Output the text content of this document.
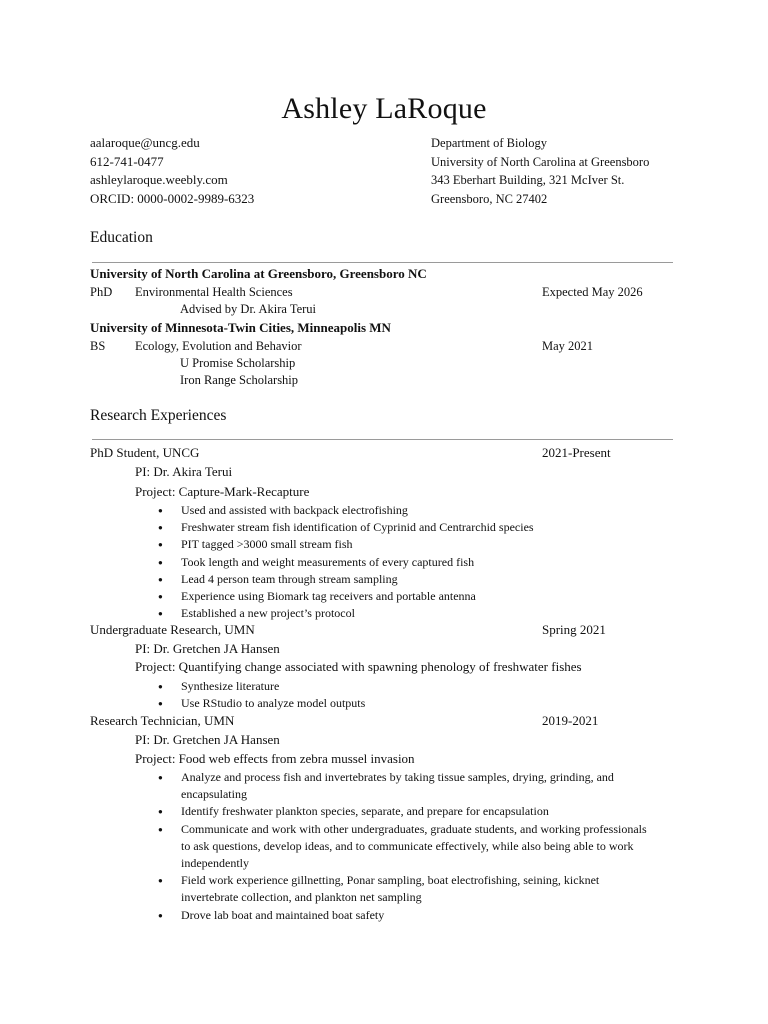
Ashley LaRoque
aalaroque@uncg.edu
612-741-0477
ashleylaroque.weebly.com
ORCID: 0000-0002-9989-6323
Department of Biology
University of North Carolina at Greensboro
343 Eberhart Building, 321 McIver St.
Greensboro, NC 27402
Education
University of North Carolina at Greensboro, Greensboro NC
PhD Environmental Health Sciences	Expected May 2026
Advised by Dr. Akira Terui
University of Minnesota-Twin Cities, Minneapolis MN
BS Ecology, Evolution and Behavior	May 2021
U Promise Scholarship
Iron Range Scholarship
Research Experiences
PhD Student, UNCG	2021-Present
PI: Dr. Akira Terui
Project: Capture-Mark-Recapture
● Used and assisted with backpack electrofishing
● Freshwater stream fish identification of Cyprinid and Centrarchid species
● PIT tagged >3000 small stream fish
● Took length and weight measurements of every captured fish
● Lead 4 person team through stream sampling
● Experience using Biomark tag receivers and portable antenna
● Established a new project’s protocol
Undergraduate Research, UMN	Spring 2021
PI: Dr. Gretchen JA Hansen
Project: Quantifying change associated with spawning phenology of freshwater fishes
● Synthesize literature
● Use RStudio to analyze model outputs
Research Technician, UMN	2019-2021
PI: Dr. Gretchen JA Hansen
Project: Food web effects from zebra mussel invasion
● Analyze and process fish and invertebrates by taking tissue samples, drying, grinding, and encapsulating
● Identify freshwater plankton species, separate, and prepare for encapsulation
● Communicate and work with other undergraduates, graduate students, and working professionals to ask questions, develop ideas, and to communicate effectively, while also being able to work independently
● Field work experience gillnetting, Ponar sampling, boat electrofishing, seining, kicknet invertebrate collection, and plankton net sampling
● Drove lab boat and maintained boat safety
